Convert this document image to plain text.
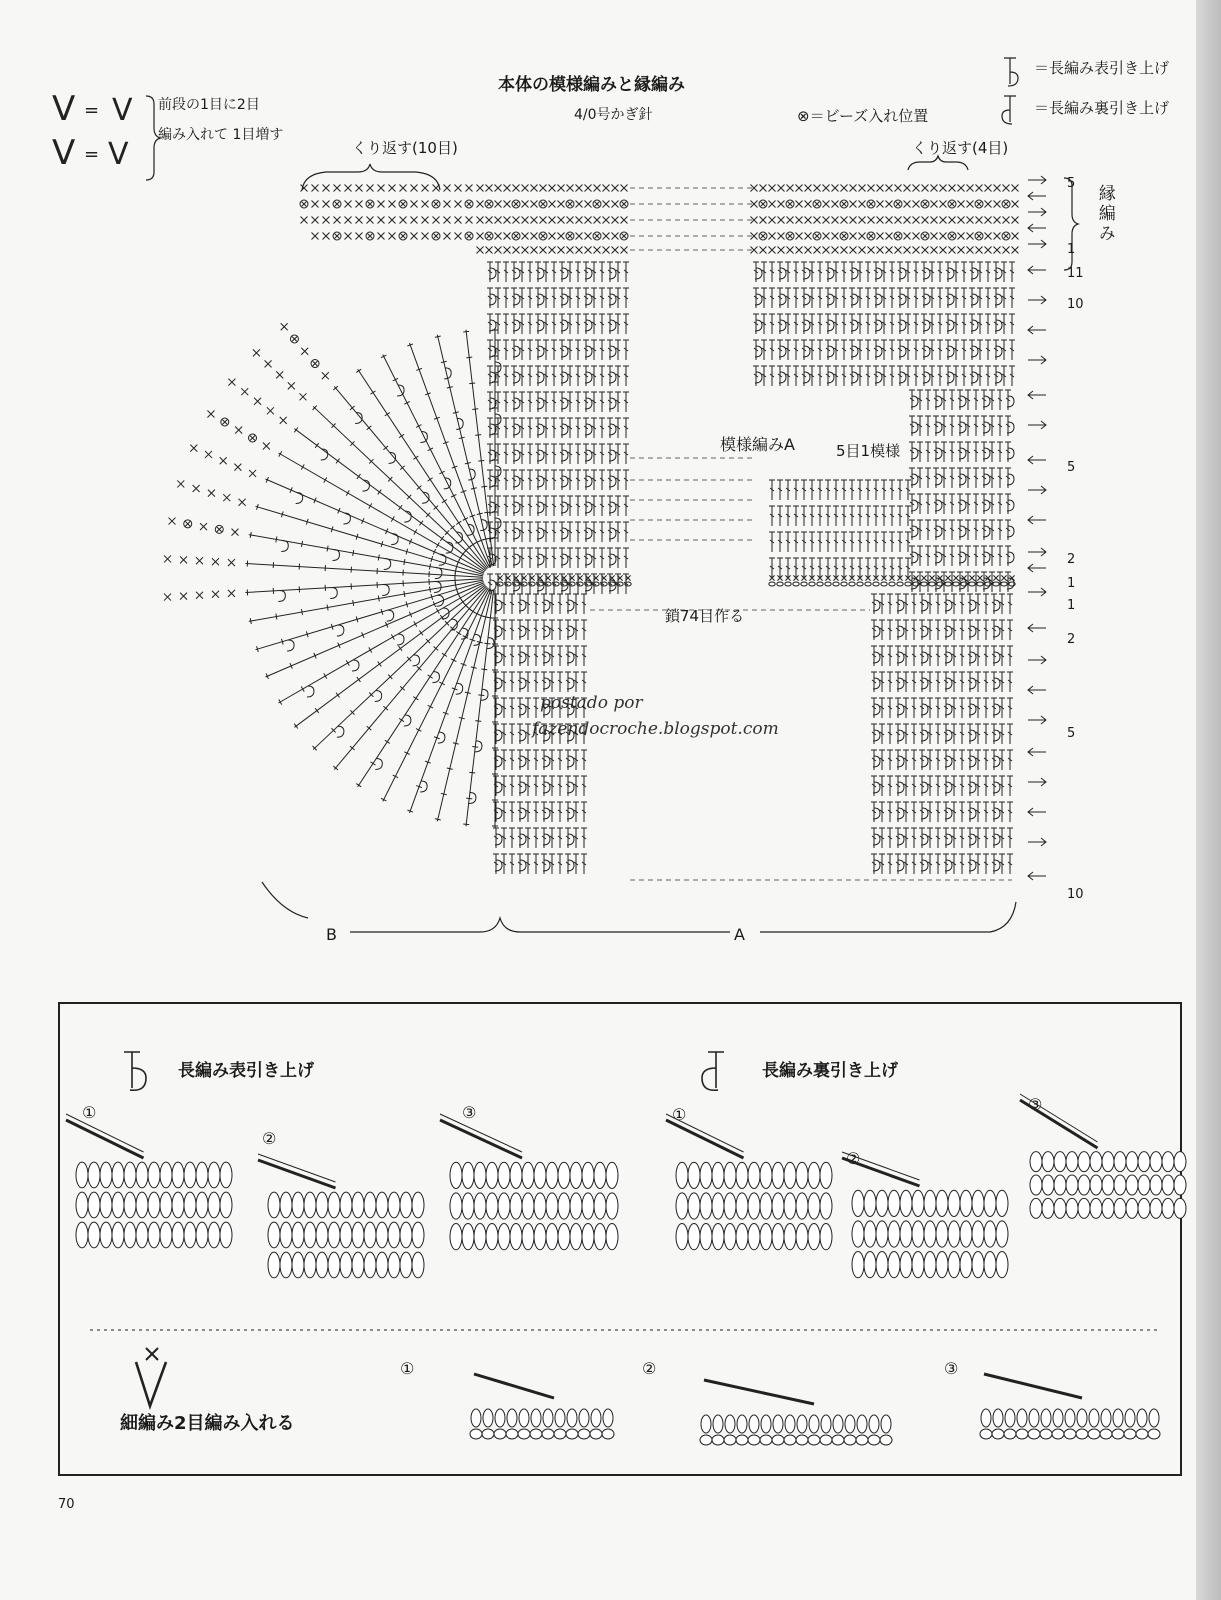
本体の模様編みと縁編み
4/0号かぎ針	⊗＝ビーズ入れ位置
＝長編み表引き上げ
＝長編み裏引き上げ
前段の1目に2目
編み入れて 1目増す
くり返す(10目)	くり返す(4目)
縁編み
模様編みA	5目1模様
鎖74目作る
B	A
5
1
11
10
5
2
1
1
2
5
10
postado por
fazendocroche.blogspot.com
V = V
V = V
長編み表引き上げ	長編み裏引き上げ
細編み2目編み入れる
①
②
③	①
②
③
①	②	③
70
